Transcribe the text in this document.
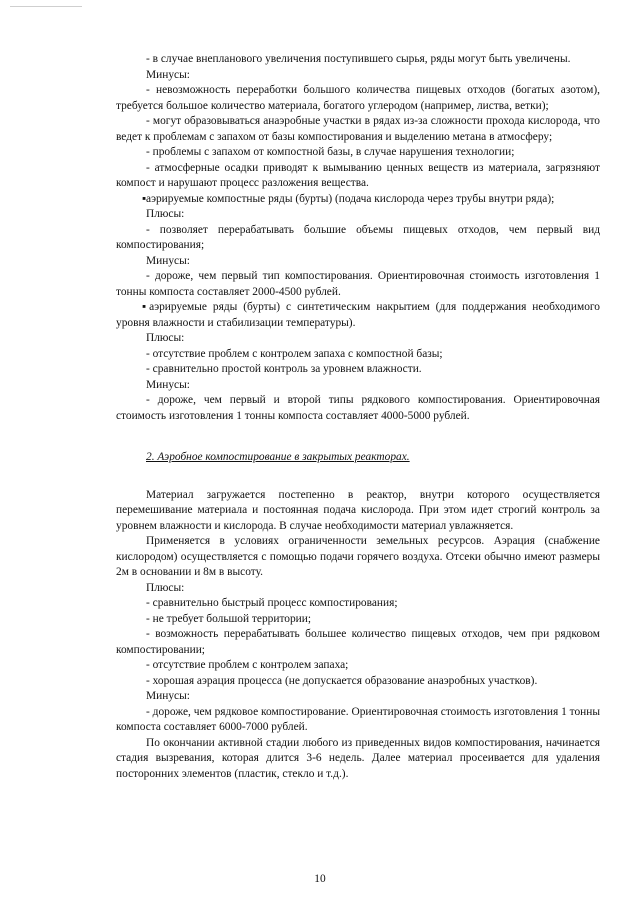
- в случае внепланового увеличения поступившего сырья, ряды могут быть увеличены.

Минусы:

- невозможность переработки большого количества пищевых отходов (богатых азотом), требуется большое количество материала, богатого углеродом (например, листва, ветки);

- могут образовываться анаэробные участки в рядах из-за сложности прохода кислорода, что ведет к проблемам с запахом от базы компостирования и выделению метана в атмосферу;

- проблемы с запахом от компостной базы, в случае нарушения технологии;

- атмосферные осадки приводят к вымыванию ценных веществ из материала, загрязняют компост и нарушают процесс разложения вещества.

▪аэрируемые компостные ряды (бурты) (подача кислорода через трубы внутри ряда);

Плюсы:

- позволяет перерабатывать большие объемы пищевых отходов, чем первый вид компостирования;

Минусы:

- дороже, чем первый тип компостирования. Ориентировочная стоимость изготовления 1 тонны компоста составляет 2000-4500 рублей.

▪аэрируемые ряды (бурты) с синтетическим накрытием (для поддержания необходимого уровня влажности и стабилизации температуры).

Плюсы:

- отсутствие проблем с контролем запаха с компостной базы;

- сравнительно простой контроль за уровнем влажности.

Минусы:

- дороже, чем первый и второй типы рядкового компостирования. Ориентировочная стоимость изготовления 1 тонны компоста составляет 4000-5000 рублей.

2. Аэробное компостирование в закрытых реакторах.

Материал загружается постепенно в реактор, внутри которого осуществляется перемешивание материала и постоянная подача кислорода. При этом идет строгий контроль за уровнем влажности и кислорода. В случае необходимости материал увлажняется.

Применяется в условиях ограниченности земельных ресурсов. Аэрация (снабжение кислородом) осуществляется с помощью подачи горячего воздуха. Отсеки обычно имеют размеры 2м в основании и 8м в высоту.

Плюсы:

- сравнительно быстрый процесс компостирования;

- не требует большой территории;

- возможность перерабатывать большее количество пищевых отходов, чем при рядковом компостировании;

- отсутствие проблем с контролем запаха;

- хорошая аэрация процесса (не допускается образование анаэробных участков).

Минусы:

- дороже, чем рядковое компостирование. Ориентировочная стоимость изготовления 1 тонны компоста составляет 6000-7000 рублей.

По окончании активной стадии любого из приведенных видов компостирования, начинается стадия вызревания, которая длится 3-6 недель. Далее материал просеивается для удаления посторонних элементов (пластик, стекло и т.д.).

10
